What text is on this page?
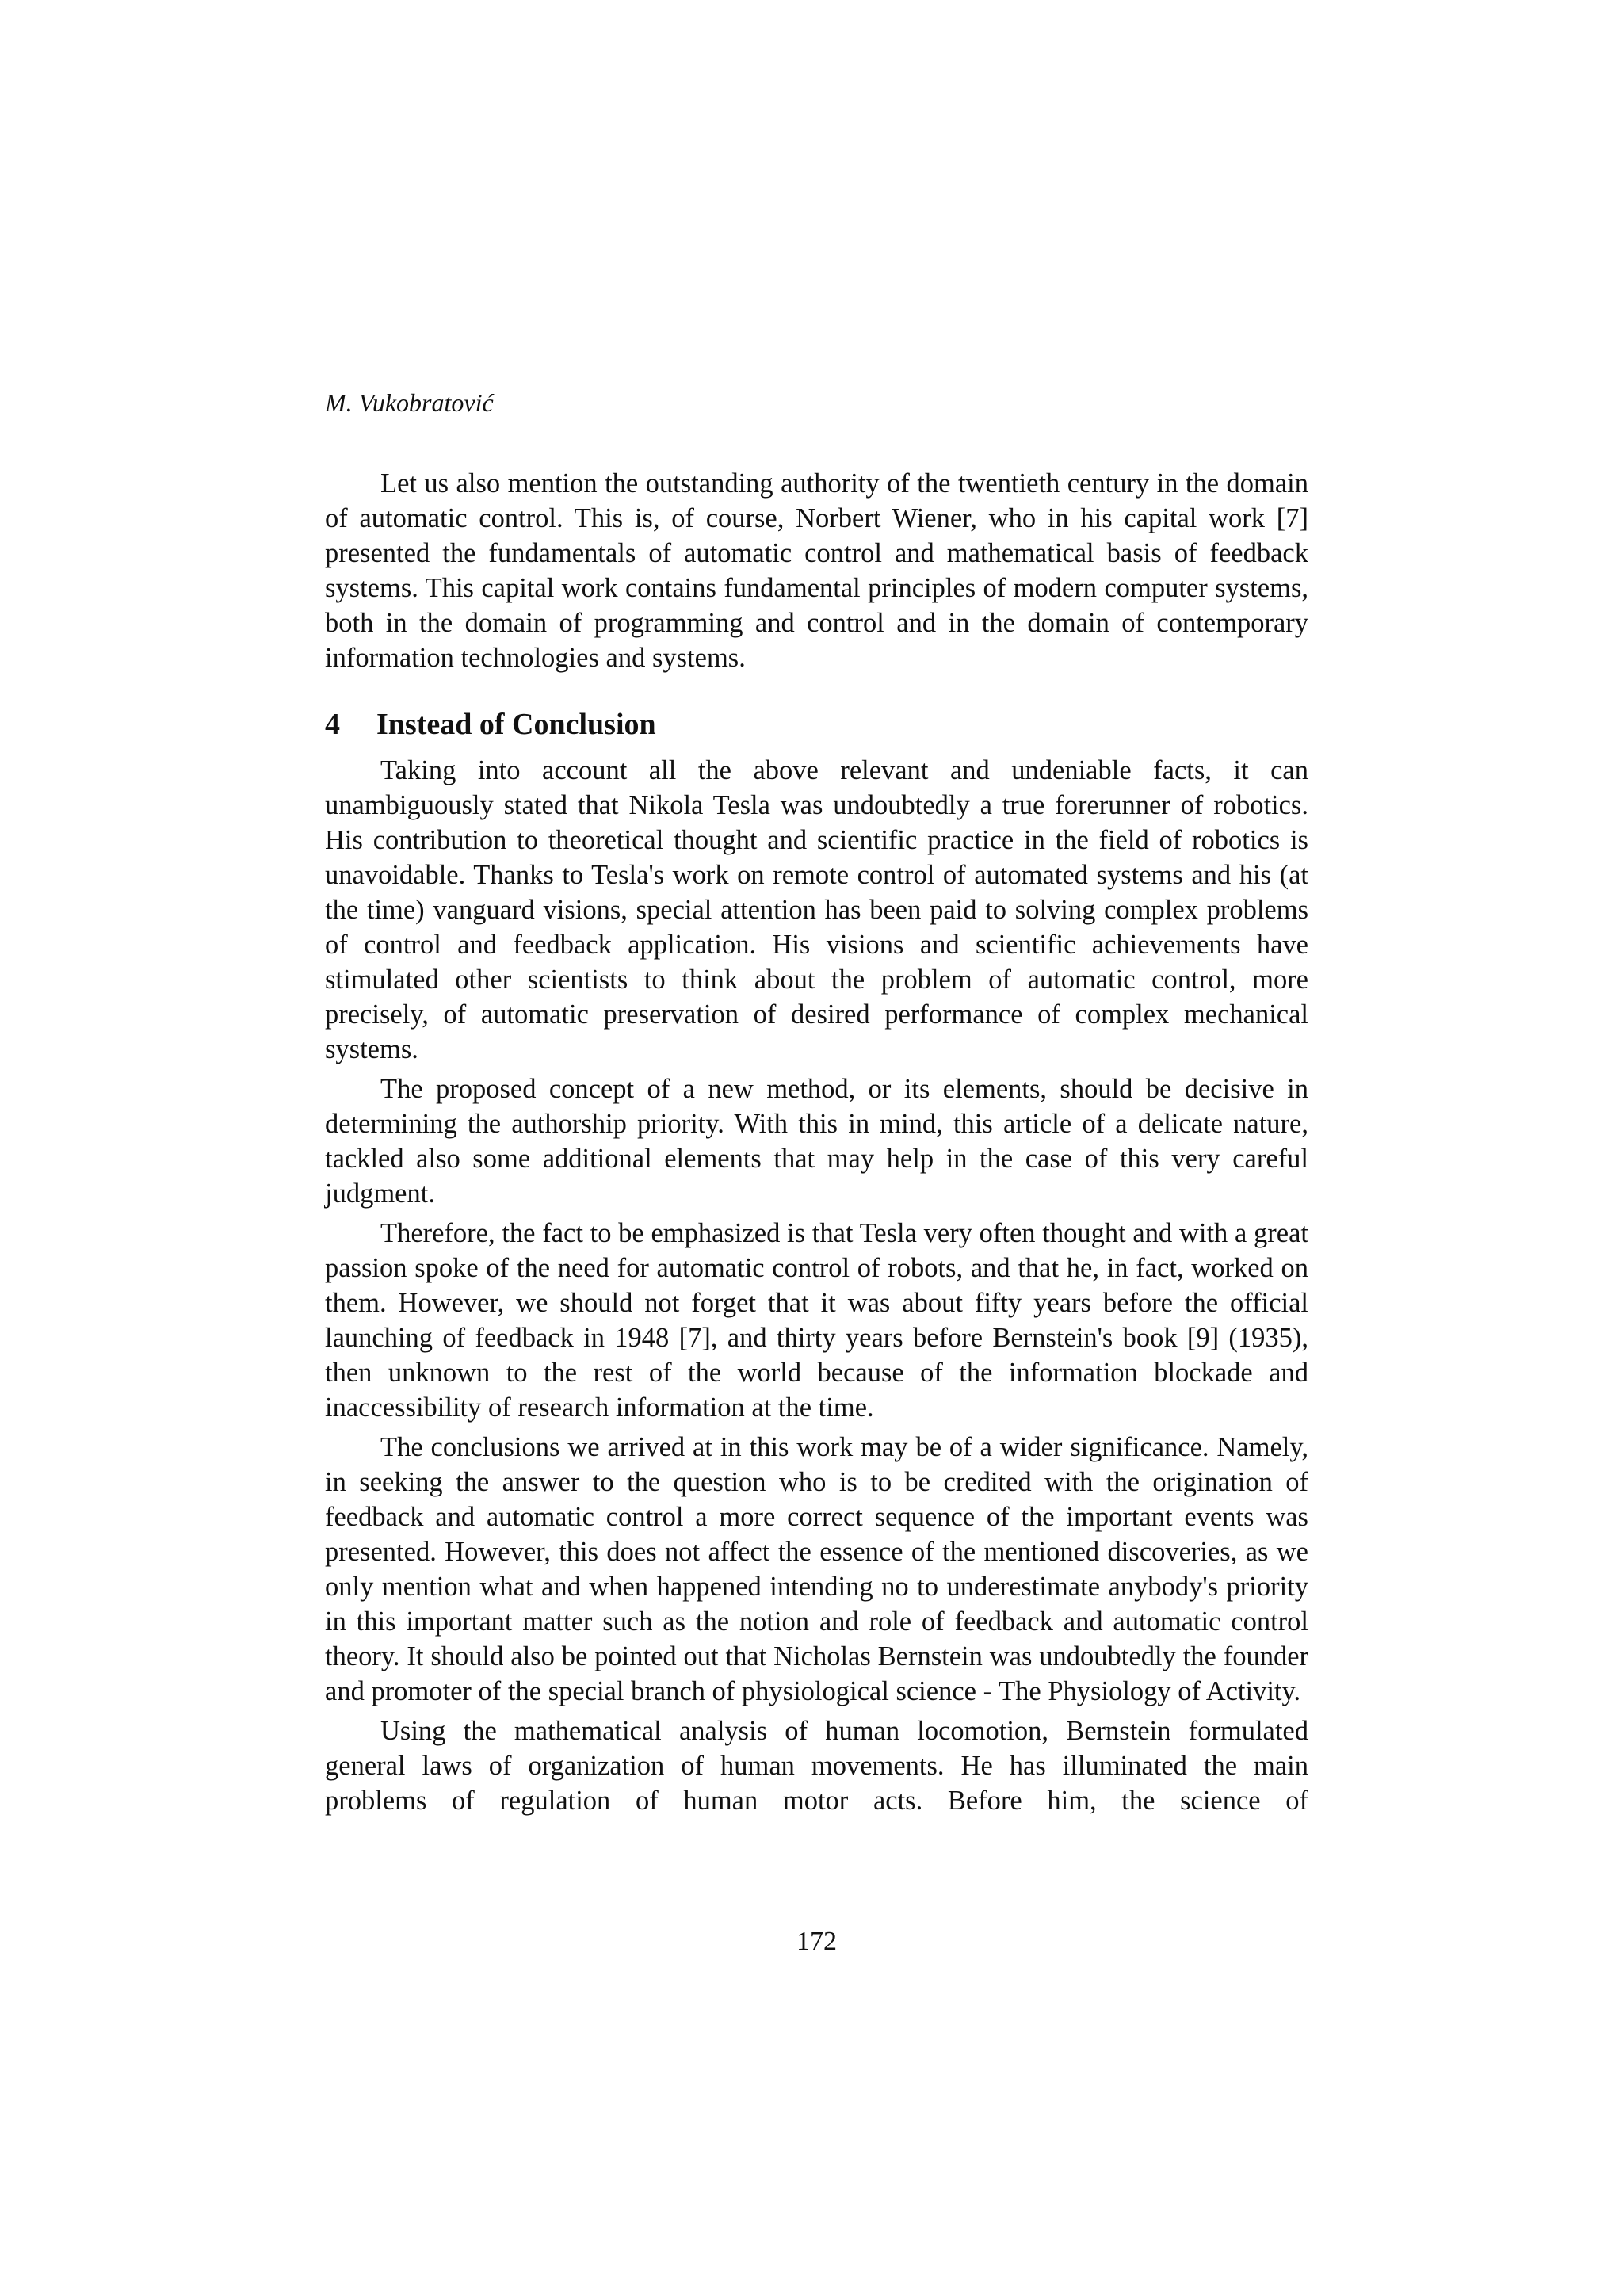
M. Vukobratović

Let us also mention the outstanding authority of the twentieth century in the domain of automatic control. This is, of course, Norbert Wiener, who in his capital work [7] presented the fundamentals of automatic control and mathematical basis of feedback systems. This capital work contains fundamental principles of modern computer systems, both in the domain of programming and control and in the domain of contemporary information technologies and systems.

4 Instead of Conclusion

Taking into account all the above relevant and undeniable facts, it can unambiguously stated that Nikola Tesla was undoubtedly a true forerunner of robotics. His contribution to theoretical thought and scientific practice in the field of robotics is unavoidable. Thanks to Tesla's work on remote control of automated systems and his (at the time) vanguard visions, special attention has been paid to solving complex problems of control and feedback application. His visions and scientific achievements have stimulated other scientists to think about the problem of automatic control, more precisely, of automatic preservation of desired performance of complex mechanical systems.

The proposed concept of a new method, or its elements, should be decisive in determining the authorship priority. With this in mind, this article of a delicate nature, tackled also some additional elements that may help in the case of this very careful judgment.

Therefore, the fact to be emphasized is that Tesla very often thought and with a great passion spoke of the need for automatic control of robots, and that he, in fact, worked on them. However, we should not forget that it was about fifty years before the official launching of feedback in 1948 [7], and thirty years before Bernstein's book [9] (1935), then unknown to the rest of the world because of the information blockade and inaccessibility of research information at the time.

The conclusions we arrived at in this work may be of a wider significance. Namely, in seeking the answer to the question who is to be credited with the origination of feedback and automatic control a more correct sequence of the important events was presented. However, this does not affect the essence of the mentioned discoveries, as we only mention what and when happened intending no to underestimate anybody's priority in this important matter such as the notion and role of feedback and automatic control theory. It should also be pointed out that Nicholas Bernstein was undoubtedly the founder and promoter of the special branch of physiological science - The Physiology of Activity.

Using the mathematical analysis of human locomotion, Bernstein formulated general laws of organization of human movements. He has illuminated the main problems of regulation of human motor acts. Before him, the science of

172
